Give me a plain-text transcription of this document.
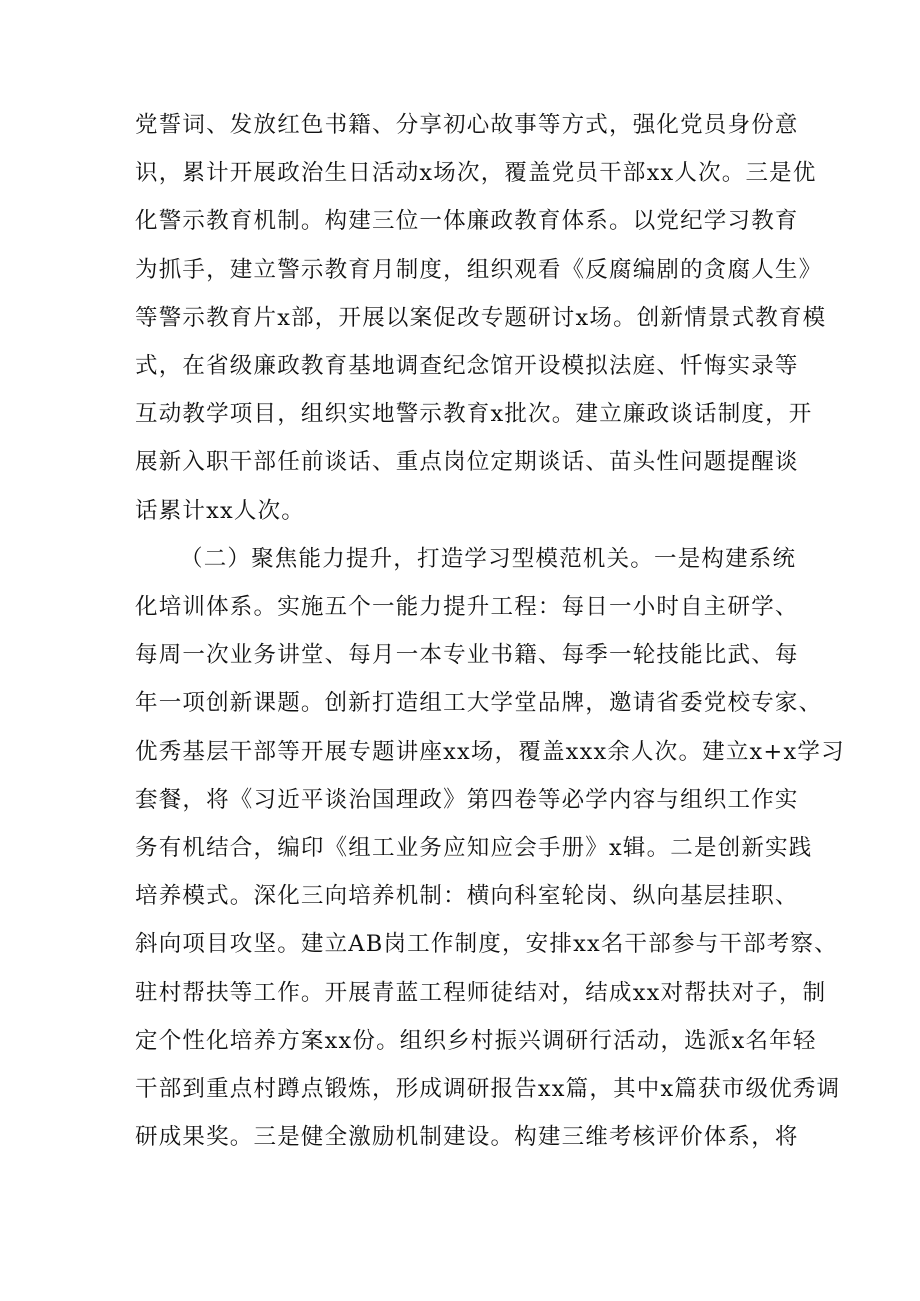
党誓词、发放红色书籍、分享初心故事等方式，强化党员身份意
识，累计开展政治生日活动x场次，覆盖党员干部xx人次。三是优
化警示教育机制。构建三位一体廉政教育体系。以党纪学习教育
为抓手，建立警示教育月制度，组织观看《反腐编剧的贪腐人生》
等警示教育片x部，开展以案促改专题研讨x场。创新情景式教育模
式，在省级廉政教育基地调查纪念馆开设模拟法庭、忏悔实录等
互动教学项目，组织实地警示教育x批次。建立廉政谈话制度，开
展新入职干部任前谈话、重点岗位定期谈话、苗头性问题提醒谈
话累计xx人次。
（二）聚焦能力提升，打造学习型模范机关。一是构建系统
化培训体系。实施五个一能力提升工程：每日一小时自主研学、
每周一次业务讲堂、每月一本专业书籍、每季一轮技能比武、每
年一项创新课题。创新打造组工大学堂品牌，邀请省委党校专家、
优秀基层干部等开展专题讲座xx场，覆盖xxx余人次。建立x+x学习
套餐，将《习近平谈治国理政》第四卷等必学内容与组织工作实
务有机结合，编印《组工业务应知应会手册》x辑。二是创新实践
培养模式。深化三向培养机制：横向科室轮岗、纵向基层挂职、
斜向项目攻坚。建立AB岗工作制度，安排xx名干部参与干部考察、
驻村帮扶等工作。开展青蓝工程师徒结对，结成xx对帮扶对子，制
定个性化培养方案xx份。组织乡村振兴调研行活动，选派x名年轻
干部到重点村蹲点锻炼，形成调研报告xx篇，其中x篇获市级优秀调
研成果奖。三是健全激励机制建设。构建三维考核评价体系，将
